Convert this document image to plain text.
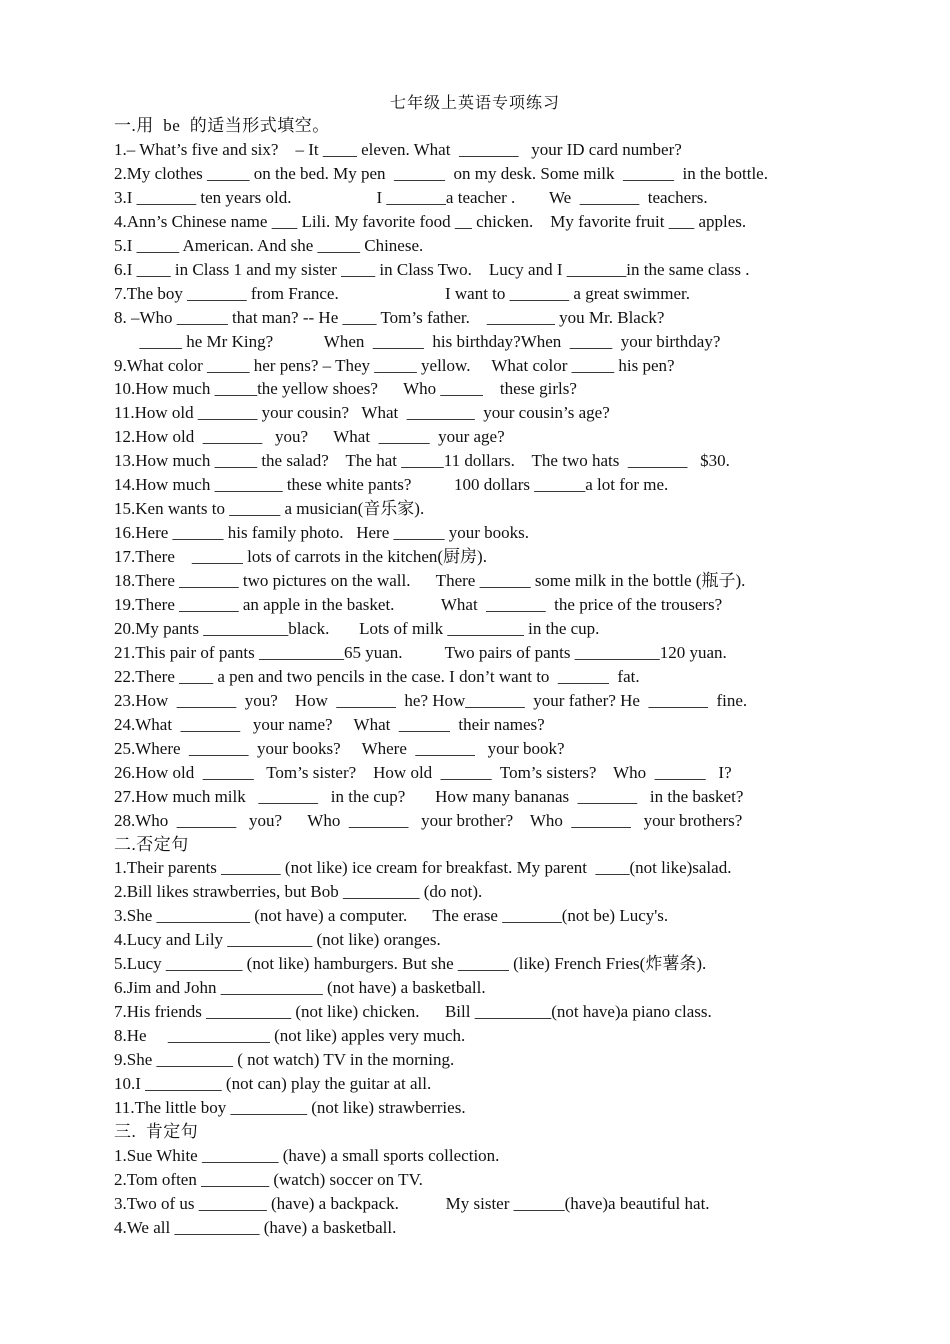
七年级上英语专项练习
一.用  be  的适当形式填空。
1.– What’s five and six?    – It ____ eleven. What  _______   your ID card number?
2.My clothes _____ on the bed. My pen  ______  on my desk. Some milk  ______  in the bottle.
3.I _______ ten years old.                    I _______a teacher .        We  _______  teachers.
4.Ann’s Chinese name ___ Lili. My favorite food __ chicken.    My favorite fruit ___ apples.
5.I _____ American. And she _____ Chinese.
6.I ____ in Class 1 and my sister ____ in Class Two.    Lucy and I _______in the same class .
7.The boy _______ from France.                         I want to _______ a great swimmer.
8. –Who ______ that man? -- He ____ Tom’s father.    ________ you Mr. Black?
_____ he Mr King?            When  ______  his birthday?When  _____  your birthday?
9.What color _____ her pens? – They _____ yellow.     What color _____ his pen?
10.How much _____the yellow shoes?      Who _____    these girls?
11.How old _______ your cousin?   What  ________  your cousin’s age?
12.How old  _______   you?      What  ______  your age?
13.How much _____ the salad?    The hat _____11 dollars.    The two hats  _______   $30.
14.How much ________ these white pants?          100 dollars ______a lot for me.
15.Ken wants to ______ a musician(音乐家).
16.Here ______ his family photo.   Here ______ your books.
17.There    ______ lots of carrots in the kitchen(厨房).
18.There _______ two pictures on the wall.      There ______ some milk in the bottle (瓶子).
19.There _______ an apple in the basket.           What  _______  the price of the trousers?
20.My pants __________black.       Lots of milk _________ in the cup.
21.This pair of pants __________65 yuan.          Two pairs of pants __________120 yuan.
22.There ____ a pen and two pencils in the case. I don’t want to  ______  fat.
23.How  _______  you?    How  _______  he? How_______  your father? He  _______  fine.
24.What  _______   your name?     What  ______  their names?
25.Where  _______  your books?     Where  _______   your book?
26.How old  ______   Tom’s sister?    How old  ______  Tom’s sisters?    Who  ______   I?
27.How much milk   _______   in the cup?       How many bananas  _______   in the basket?
28.Who  _______   you?      Who  _______   your brother?    Who  _______   your brothers?
二.否定句
1.Their parents _______ (not like) ice cream for breakfast. My parent  ____(not like)salad.
2.Bill likes strawberries, but Bob _________ (do not).
3.She ___________ (not have) a computer.      The erase _______(not be) Lucy's.
4.Lucy and Lily __________ (not like) oranges.
5.Lucy _________ (not like) hamburgers. But she ______ (like) French Fries(炸薯条).
6.Jim and John ____________ (not have) a basketball.
7.His friends __________ (not like) chicken.      Bill _________(not have)a piano class.
8.He     ____________ (not like) apples very much.
9.She _________ ( not watch) TV in the morning.
10.I _________ (not can) play the guitar at all.
11.The little boy _________ (not like) strawberries.
三.  肯定句
1.Sue White _________ (have) a small sports collection.
2.Tom often ________ (watch) soccer on TV.
3.Two of us ________ (have) a backpack.           My sister ______(have)a beautiful hat.
4.We all __________ (have) a basketball.
